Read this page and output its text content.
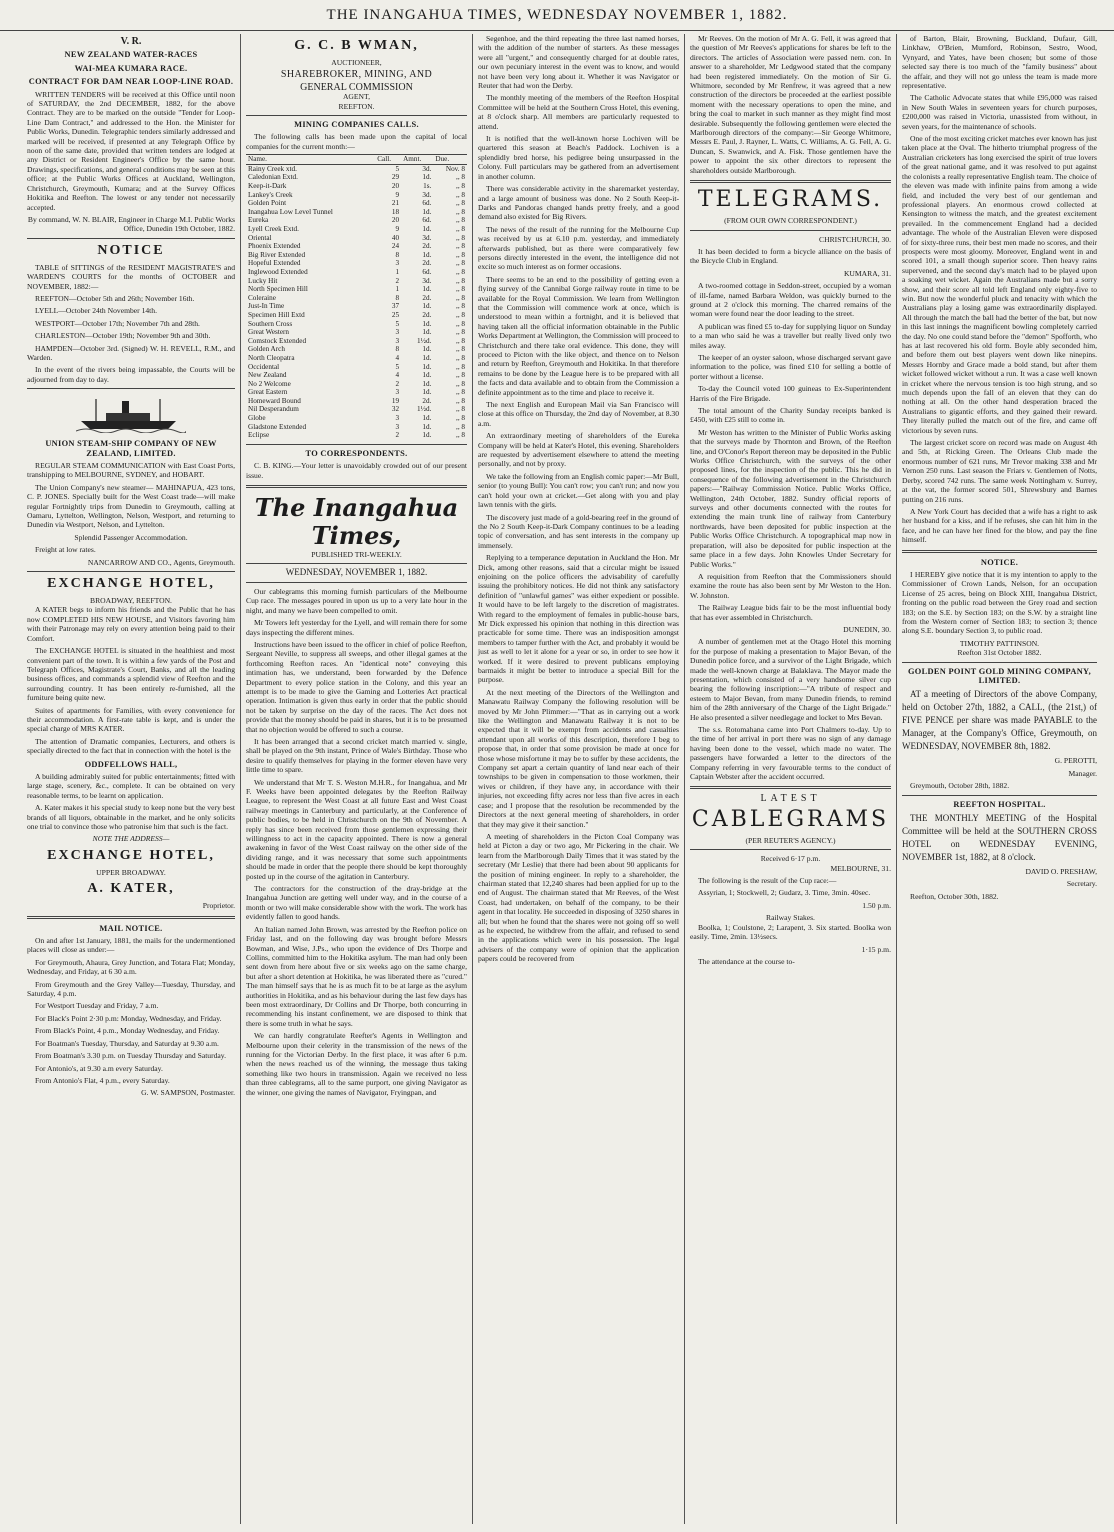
THE INANGAHUA TIMES, WEDNESDAY NOVEMBER 1, 1882.
V. R.
NEW ZEALAND WATER-RACES
WAI-MEA KUMARA RACE.
CONTRACT FOR DAM NEAR LOOP-LINE ROAD.

WRITTEN TENDERS will be received at this Office until noon of SATURDAY, the 2nd DECEMBER, 1882, for the above Contract. They are to be marked on the outside "Tender for Loop-Line Dam Contract," and addressed to the Hon. the Minister for Public Works, Dunedin. Telegraphic tenders similarly addressed and marked will be received, if presented at any Telegraph Office by noon of the same date, provided that written tenders are lodged at any District or Resident Engineer's Office by the same hour. Drawings, specifications, and general conditions may be seen at this office; at the Public Works Offices at Auckland, Wellington, Christchurch, Greymouth, Kumara; and at the Survey Offices Hokitika and Reefton. The lowest or any tender not necessarily accepted.

By command, W. N. BLAIR, Engineer in Charge M.I. Public Works Office, Dunedin 19th October, 1882.

NOTICE

TABLE of SITTINGS of the RESIDENT MAGISTRATE'S and WARDEN'S COURTS for the months of OCTOBER and NOVEMBER, 1882:—

REEFTON—October 5th and 26th; November 16th.

LYELL—October 24th November 14th.

WESTPORT—October 17th; November 7th and 28th.

CHARLESTON—October 19th; November 9th and 30th.

HAMPDEN—October 3rd. (Signed) W. H. REVELL, R.M., and Warden.

In the event of the rivers being impassable, the Courts will be adjourned from day to day.

UNION STEAM-SHIP COMPANY OF NEW ZEALAND, LIMITED.

REGULAR STEAM COMMUNICATION with East Coast Ports, transhipping to MELBOURNE, SYDNEY, and HOBART.

The Union Company's new steamer— MAHINAPUA, 423 tons, C. P. JONES. Specially built for the West Coast trade—will make regular Fortnightly trips from Dunedin to Greymouth, calling at Oamaru, Lyttelton, Wellington, Nelson, Westport, and returning to Dunedin via Westport, Nelson, and Lyttelton.

Splendid Passenger Accommodation.

Freight at low rates.

NANCARROW AND CO., Agents, Greymouth.

EXCHANGE HOTEL,
BROADWAY, REEFTON.

A KATER begs to inform his friends and the Public that he has now COMPLETED HIS NEW HOUSE, and Visitors favoring him with their Patronage may rely on every attention being paid to their Comfort.

The EXCHANGE HOTEL is situated in the healthiest and most convenient part of the town. It is within a few yards of the Post and Telegraph Offices, Magistrate's Court, Banks, and all the leading business offices, and commands a splendid view of Reefton and the surrounding country. It has been entirely re-furnished, all the furniture being quite new.

Suites of apartments for Families, with every convenience for their accommodation. A first-rate table is kept, and is under the special charge of MRS KATER.

The attention of Dramatic companies, Lecturers, and others is specially directed to the fact that in connection with the hotel is the

ODDFELLOWS HALL,

A building admirably suited for public entertainments; fitted with large stage, scenery, &c., complete. It can be obtained on very reasonable terms, to be learnt on application.

A. Kater makes it his special study to keep none but the very best brands of all liquors, obtainable in the market, and he only solicits one trial to convince those who patronise him that such is the fact.

NOTE THE ADDRESS—
EXCHANGE HOTEL,
UPPER BROADWAY.
A. KATER,

Proprietor.

MAIL NOTICE.

On and after 1st January, 1881, the mails for the undermentioned places will close as under:—

For Greymouth, Ahaura, Grey Junction, and Totara Flat; Monday, Wednesday, and Friday, at 6 30 a.m.

From Greymouth and the Grey Valley—Tuesday, Thursday, and Saturday, 4 p.m.

For Westport Tuesday and Friday, 7 a.m.

For Black's Point 2·30 p.m: Monday, Wednesday, and Friday.

From Black's Point, 4 p.m., Monday Wednesday, and Friday.

For Boatman's Tuesday, Thursday, and Saturday at 9.30 a.m.

From Boatman's 3.30 p.m. on Tuesday Thursday and Saturday.

For Antonio's, at 9.30 a.m every Saturday.

From Antonio's Flat, 4 p.m., every Saturday.

G. W. SAMPSON, Postmaster.

G. C. B WMAN,
AUCTIONEER,
SHAREBROKER, MINING, AND
GENERAL COMMISSION
AGENT,
REEFTON.
MINING COMPANIES CALLS.

The following calls has been made upon the capital of local companies for the current month:—

Name.	Call.	Amnt.	Due.
Rainy Creek xtd.	5	3d.	Nov. 8
Caledonian Extd.	29	1d.	,, 8
Keep-it-Dark	20	1s.	,, 8
Lankey's Creek	9	3d.	,, 8
Golden Point	21	6d.	,, 8
Inangahua Low Level Tunnel	18	1d.	,, 8
Eureka	20	6d.	,, 8
Lyell Creek Extd.	9	1d.	,, 8
Oriental	40	3d.	,, 8
Phoenix Extended	24	2d.	,, 8
Big River Extended	8	1d.	,, 8
Hopeful Extended	3	2d.	,, 8
Inglewood Extended	1	6d.	,, 8
Lucky Hit	2	3d.	,, 8
North Specimen Hill	1	1d.	,, 8
Coleraine	8	2d.	,, 8
Just-In Time	37	1d.	,, 8
Specimen Hill Extd	25	2d.	,, 8
Southern Cross	5	1d.	,, 8
Great Western	3	1d.	,, 8
Comstock Extended	3	1½d.	,, 8
Golden Arch	8	1d.	,, 8
North Cleopatra	4	1d.	,, 8
Occidental	5	1d.	,, 8
New Zealand	4	1d.	,, 8
No 2 Welcome	2	1d.	,, 8
Great Eastern	3	1d.	,, 8
Homeward Bound	19	2d.	,, 8
Nil Desperandum	32	1½d.	,, 8
Globe	3	1d.	,, 8
Gladstone Extended	3	1d.	,, 8
Eclipse	2	1d.	,, 8
TO CORRESPONDENTS.

C. B. KING.—Your letter is unavoidably crowded out of our present issue.

The Inangahua Times,
PUBLISHED TRI-WEEKLY.
WEDNESDAY, NOVEMBER 1, 1882.

Our cablegrams this morning furnish particulars of the Melbourne Cup race. The messages poured in upon us up to a very late hour in the night, and many we have been compelled to omit.

Mr Towers left yesterday for the Lyell, and will remain there for some days inspecting the different mines.

Instructions have been issued to the officer in chief of police Reefton, Sergeant Neville, to suppress all sweeps, and other illegal games at the forthcoming Reefton races. An "identical note" conveying this intimation has, we understand, been forwarded by the Defence Department to every police station in the Colony, and this year an attempt is to be made to give the Gaming and Lotteries Act practical operation. Intimation is given thus early in order that the public should not be taken by surprise on the day of the races. The Act does not provide that the money should be paid in shares, but it is to be presumed that no objection would be offered to such a course.

It has been arranged that a second cricket match married v. single, shall be played on the 9th instant, Prince of Wale's Birthday. Those who desire to qualify themselves for playing in the former eleven have very little time to spare.

We understand that Mr T. S. Weston M.H.R., for Inangahua, and Mr F. Weeks have been appointed delegates by the Reefton Railway League, to represent the West Coast at all future East and West Coast railway meetings in Canterbury and particularly, at the Conference of public bodies, to be held in Christchurch on the 9th of November. A reply has since been received from those gentlemen expressing their willingness to act in the capacity appointed. There is now a general awakening in favor of the West Coast railway on the other side of the dividing range, and it was necessary that some such appointments should be made in order that the people there should be kept thoroughly posted up in the course of the agitation in Canterbury.

The contractors for the construction of the dray-bridge at the Inangahua Junction are getting well under way, and in the course of a month or two will make considerable show with the work. The work has evidently fallen to good hands.

An Italian named John Brown, was arrested by the Reefton police on Friday last, and on the following day was brought before Messrs Bowman, and Wise, J.Ps., who upon the evidence of Drs Thorpe and Collins, committed him to the Hokitika asylum. The man had only been sent down from here about five or six weeks ago on the same charge, but after a short detention at Hokitika, he was liberated there as "cured." The man himself says that he is as much fit to be at large as the asylum authorities in Hokitika, and as his behaviour during the last few days has been most extraordinary, Dr Collins and Dr Thorpe, both concurring in recommending his instant confinement, we are disposed to think that there is some truth in what he says.

We can hardly congratulate Reefter's Agents in Wellington and Melbourne upon their celerity in the transmission of the news of the running for the Victorian Derby. In the first place, it was after 6 p.m. when the news reached us of the winning, the message thus taking something like two hours in transmission. Again we received no less than three cablegrams, all to the same purport, one giving Navigator as the winner, one giving the names of Navigator, Fryingpan, and

Segenhoe, and the third repeating the three last named horses, with the addition of the number of starters. As these messages were all "urgent," and consequently charged for at double rates, our own pecuniary interest in the event was to know, and would not have been very long about it. Whether it was Navigator or Reuter that had won the Derby.

The monthly meeting of the members of the Reefton Hospital Committee will be held at the Southern Cross Hotel, this evening, at 8 o'clock sharp. All members are particularly requested to attend.

It is notified that the well-known horse Lochiven will be quartered this season at Beach's Paddock. Lochiven is a splendidly bred horse, his pedigree being unsurpassed in the Colony. Full particulars may be gathered from an advertisement in another column.

There was considerable activity in the sharemarket yesterday, and a large amount of business was done. No 2 South Keep-it-Darks and Pandoras changed hands pretty freely, and a good demand also existed for Big Rivers.

The news of the result of the running for the Melbourne Cup was received by us at 6.10 p.m. yesterday, and immediately afterwards published, but as there were comparatively few persons directly interested in the event, the intelligence did not excite so much interest as on former occasions.

There seems to be an end to the possibility of getting even a flying survey of the Cannibal Gorge railway route in time to be available for the Royal Commission. We learn from Wellington that the Commission will commence work at once, which is understood to mean within a fortnight, and it is believed that having taken all the official information obtainable in the Public Works Department at Wellington, the Commission will proceed to Christchurch and there take oral evidence. This done, they will proceed to Picton with the like object, and thence on to Nelson and return by Reefton, Greymouth and Hokitika. In that therefore remains to be done by the League here is to be prepared with all the facts and data available and to obtain from the Commission a definite appointment as to the time and place to receive it.

The next English and European Mail via San Francisco will close at this office on Thursday, the 2nd day of November, at 8.30 a.m.

An extraordinary meeting of shareholders of the Eureka Company will be held at Kater's Hotel, this evening. Shareholders are requested by advertisement elsewhere to attend the meeting personally, and not by proxy.

We take the following from an English comic paper:—Mr Bull, senior (to young Bull): You can't row; you can't run; and now you can't hold your own at cricket.—Get along with you and play lawn tennis with the girls.

The discovery just made of a gold-bearing reef in the ground of the No 2 South Keep-it-Dark Company continues to be a leading topic of conversation, and has sent interests in the company up immensely.

Replying to a temperance deputation in Auckland the Hon. Mr Dick, among other reasons, said that a circular might be issued enjoining on the police officers the advisability of carefully issuing the prohibitory notices. He did not think any satisfactory definition of "unlawful games" was either expedient or possible. It would have to be left largely to the discretion of magistrates. With regard to the employment of females in public-house bars, Mr Dick expressed his opinion that nothing in this direction was practicable for some time. There was an indisposition amongst members to tamper further with the Act, and probably it would be just as well to let it alone for a year or so, in order to see how it worked. If it were desired to prevent publicans employing barmaids it might be better to introduce a special Bill for the purpose.

At the next meeting of the Directors of the Wellington and Manawatu Railway Company the following resolution will be moved by Mr John Plimmer:—"That as in carrying out a work like the Wellington and Manawatu Railway it is not to be expected that it will be exempt from accidents and casualties attendant upon all works of this description, therefore I beg to propose that, in order that some provision be made at once for those whose misfortune it may be to suffer by these accidents, the Company set apart a certain quantity of land near each of their townships to be given in compensation to those workmen, their wives or children, if they have any, in accordance with their injuries, not exceeding fifty acres nor less than five acres in each case; and I propose that the resolution be recommended by the Directors at the next general meeting of shareholders, in order that they may give it their sanction."

A meeting of shareholders in the Picton Coal Company was held at Picton a day or two ago, Mr Pickering in the chair. We learn from the Marlborough Daily Times that it was stated by the secretary (Mr Leslie) that there had been about 90 applicants for the position of mining engineer. In reply to a shareholder, the chairman stated that 12,240 shares had been applied for up to the end of August. The chairman stated that Mr Reeves, of the West Coast, had undertaken, on behalf of the company, to be their agent in that locality. He succeeded in disposing of 3250 shares in all; but when he found that the shares were not going off so well as he expected, he withdrew from the affair, and refused to send in the applications which were in his possession. The legal advisers of the company were of opinion that the application papers could be recovered from

Mr Reeves. On the motion of Mr A. G. Fell, it was agreed that the question of Mr Reeves's applications for shares be left to the directors. The articles of Association were passed nem. con. In answer to a shareholder, Mr Ledgwood stated that the company had been registered immediately. On the motion of Sir G. Whitmore, seconded by Mr Renfrew, it was agreed that a new construction of the directors be proceeded at the earliest possible moment with the necessary operations to open the mine, and bring the coal to market in such manner as they might find most desirable. Subsequently the following gentlemen were elected the Marlborough directors of the company:—Sir George Whitmore, Messrs E. Paul, J. Rayner, L. Watts, C. Williams, A. G. Fell, A. G. Duncan, S. Swanwick, and A. Fisk. Those gentlemen have the power to appoint the six other directors to represent the shareholders outside Marlborough.

TELEGRAMS.
(FROM OUR OWN CORRESPONDENT.)

CHRISTCHURCH, 30.

It has been decided to form a bicycle alliance on the basis of the Bicycle Club in England.

KUMARA, 31.

A two-roomed cottage in Seddon-street, occupied by a woman of ill-fame, named Barbara Weldon, was quickly burned to the ground at 2 o'clock this morning. The charred remains of the woman were found near the door leading to the street.

A publican was fined £5 to-day for supplying liquor on Sunday to a man who said he was a traveller but really lived only two miles away.

The keeper of an oyster saloon, whose discharged servant gave information to the police, was fined £10 for selling a bottle of porter without a license.

To-day the Council voted 100 guineas to Ex-Superintendent Harris of the Fire Brigade.

The total amount of the Charity Sunday receipts banked is £450, with £25 still to come in.

Mr Weston has written to the Minister of Public Works asking that the surveys made by Thornton and Brown, of the Reefton line, and O'Conor's Report thereon may be deposited in the Public Works Office Christchurch, with the surveys of the other proposed lines, for the inspection of the public. This he did in consequence of the following advertisement in the Christchurch papers:—"Railway Commission Notice. Public Works Office, Wellington, 24th October, 1882. Sundry official reports of surveys and other documents connected with the routes for extending the main trunk line of railway from Canterbury northwards, have been deposited for public inspection at the Public Works Office Christchurch. A topographical map now in preparation, will also be deposited for public inspection at the same place in a few days. John Knowles Under Secretary for Public Works."

A requisition from Reefton that the Commissioners should examine the route has also been sent by Mr Weston to the Hon. W. Johnston.

The Railway League bids fair to be the most influential body that has ever assembled in Christchurch.

DUNEDIN, 30.

A number of gentlemen met at the Otago Hotel this morning for the purpose of making a presentation to Major Bevan, of the Dunedin police force, and a survivor of the Light Brigade, which made the well-known charge at Balaklava. The Mayor made the presentation, which consisted of a very handsome silver cup bearing the following inscription:—"A tribute of respect and esteem to Major Bevan, from many Dunedin friends, to remind him of the 28th anniversary of the Charge of the Light Brigade." He also presented a silver needlegage and locket to Mrs Bevan.

The s.s. Rotomahana came into Port Chalmers to-day. Up to the time of her arrival in port there was no sign of any damage having been done to the vessel, which made no water. The passengers have forwarded a letter to the directors of the Company referring in very favourable terms to the conduct of Captain Webster after the accident occurred.

LATEST
CABLEGRAMS
(PER REUTER'S AGENCY.)
Received 6·17 p.m.

MELBOURNE, 31.

The following is the result of the Cup race:—

Assyrian, 1; Stockwell, 2; Gudarz, 3. Time, 3min. 40sec.

1.50 p.m.

Railway Stakes.

Boolka, 1; Coulstone, 2; Larapent, 3. Six started. Boolka won easily. Time, 2min. 13½secs.

1·15 p.m.

The attendance at the course to-

of Barton, Blair, Browning, Buckland, Dufaur, Gill, Linkhaw, O'Brien, Mumford, Robinson, Sestro, Wood, Vynyard, and Yates, have been chosen; but some of those selected say there is too much of the "family business" about the affair, and they will not go unless the team is made more representative.

The Catholic Advocate states that while £95,000 was raised in New South Wales in seventeen years for church purposes, £200,000 was raised in Victoria, unassisted from without, in seven years, for the maintenance of schools.

One of the most exciting cricket matches ever known has just taken place at the Oval. The hitherto triumphal progress of the Australian cricketers has long exercised the spirit of true lovers of the great national game, and it was resolved to put against the colonists a really representative English team. The choice of the eleven was made with infinite pains from among a wide field, and included the very best of our gentleman and professional players. An enormous crowd collected at Kensington to witness the match, and the greatest excitement prevailed. In the commencement England had a decided advantage. The whole of the Australian Eleven were disposed of for sixty-three runs, their best men made no scores, and their prospects were most gloomy. Moreover, England went in and scored 101, a small though superior score. Then heavy rains supervened, and the second day's match had to be played upon a soaking wet wicket. Again the Australians made but a sorry show, and their score all told left England only eighty-five to win. But now the wonderful pluck and tenacity with which the Australians play a losing game was extraordinarily displayed. All through the match the ball had the better of the bat, but now in this last innings the magnificent bowling completely carried the day. No one could stand before the "demon" Spofforth, who has at last recovered his old form. Boyle ably seconded him, and before them out best players went down like ninepins. Messrs Hornby and Grace made a bold stand, but after them wicket followed wicket without a run. It was a case well known in cricket where the nervous tension is too high strung, and so much depends upon the fall of an eleven that they can do nothing at all. On the other hand desperation braced the Australians to gigantic efforts, and they gained their reward. They literally pulled the match out of the fire, and came off victorious by seven runs.

The largest cricket score on record was made on August 4th and 5th, at Ricking Green. The Orleans Club made the enormous number of 621 runs, Mr Trevor making 338 and Mr Vernon 250 runs. Last season the Friars v. Gentlemen of Notts, Derby, scored 742 runs. The same week Nottingham v. Surrey, at the vat, the former scored 501, Shrewsbury and Barnes putting on 216 runs.

A New York Court has decided that a wife has a right to ask her husband for a kiss, and if he refuses, she can hit him in the face, and he can have her fined for the blow, and pay the fine himself.

NOTICE.

I HEREBY give notice that it is my intention to apply to the Commissioner of Crown Lands, Nelson, for an occupation License of 25 acres, being on Block XIII, Inangahua District, fronting on the public road between the Grey road and section 183; on the S.E. by Section 183; on the S.W. by a straight line from the Western corner of Section 183; to section 3; thence along S.E. boundary Section 3, to public road.

TIMOTHY PATTINSON.
Reefton 31st October 1882.
GOLDEN POINT GOLD MINING COMPANY, LIMITED.

AT a meeting of Directors of the above Company, held on October 27th, 1882, a CALL, (the 21st,) of FIVE PENCE per share was made PAYABLE to the Manager, at the Company's Office, Greymouth, on WEDNESDAY, NOVEMBER 8th, 1882.

G. PEROTTI,

Manager.

Greymouth, October 28th, 1882.

REEFTON HOSPITAL.

THE MONTHLY MEETING of the Hospital Committee will be held at the SOUTHERN CROSS HOTEL on WEDNESDAY EVENING, NOVEMBER 1st, 1882, at 8 o'clock.

DAVID O. PRESHAW,

Secretary.

Reefton, October 30th, 1882.
